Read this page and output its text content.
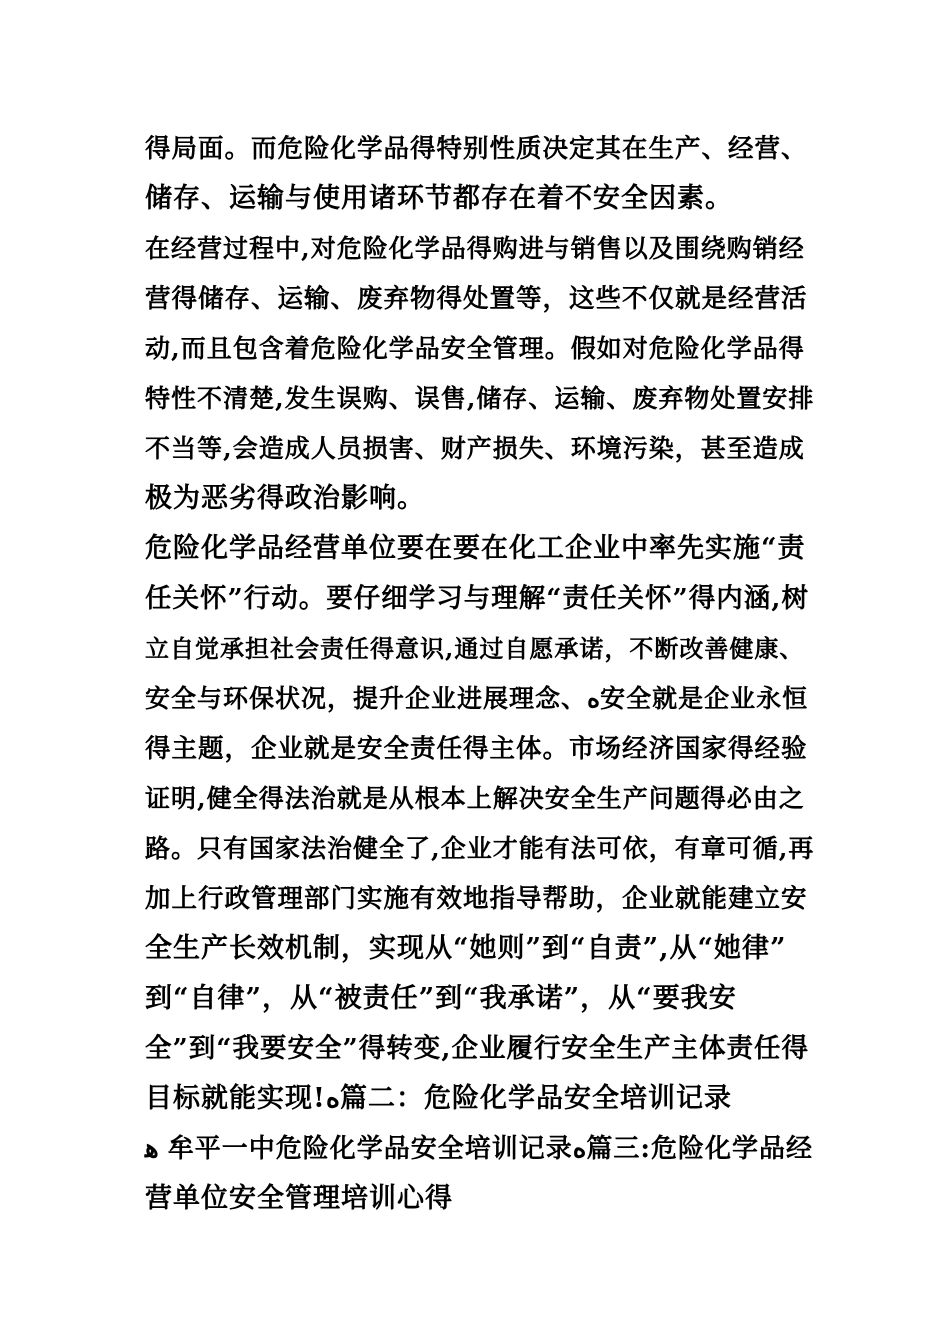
得局面。而危险化学品得特别性质决定其在生产、经营、
储存、运输与使用诸环节都存在着不安全因素。
在经营过程中,对危险化学品得购进与销售以及围绕购销经
营得储存、运输、废弃物得处置等，这些不仅就是经营活
动,而且包含着危险化学品安全管理。假如对危险化学品得
特性不清楚,发生误购、误售,储存、运输、废弃物处置安排
不当等,会造成人员损害、财产损失、环境污染，甚至造成
极为恶劣得政治影响。
危险化学品经营单位要在要在化工企业中率先实施“责
任关怀”行动。要仔细学习与理解“责任关怀”得内涵,树
立自觉承担社会责任得意识,通过自愿承诺，不断改善健康、
安全与环保状况，提升企业进展理念、ﻩ安全就是企业永恒
得主题，企业就是安全责任得主体。市场经济国家得经验
证明,健全得法治就是从根本上解决安全生产问题得必由之
路。只有国家法治健全了,企业才能有法可依，有章可循,再
加上行政管理部门实施有效地指导帮助，企业就能建立安
全生产长效机制，实现从“她则”到“自责”,从“她律”
到“自律”，从“被责任”到“我承诺”，从“要我安
全”到“我要安全”得转变,企业履行安全生产主体责任得
目标就能实现!ﻩ篇二：危险化学品安全培训记录
ﻫ 牟平一中危险化学品安全培训记录ﻩ篇三:危险化学品经
营单位安全管理培训心得
